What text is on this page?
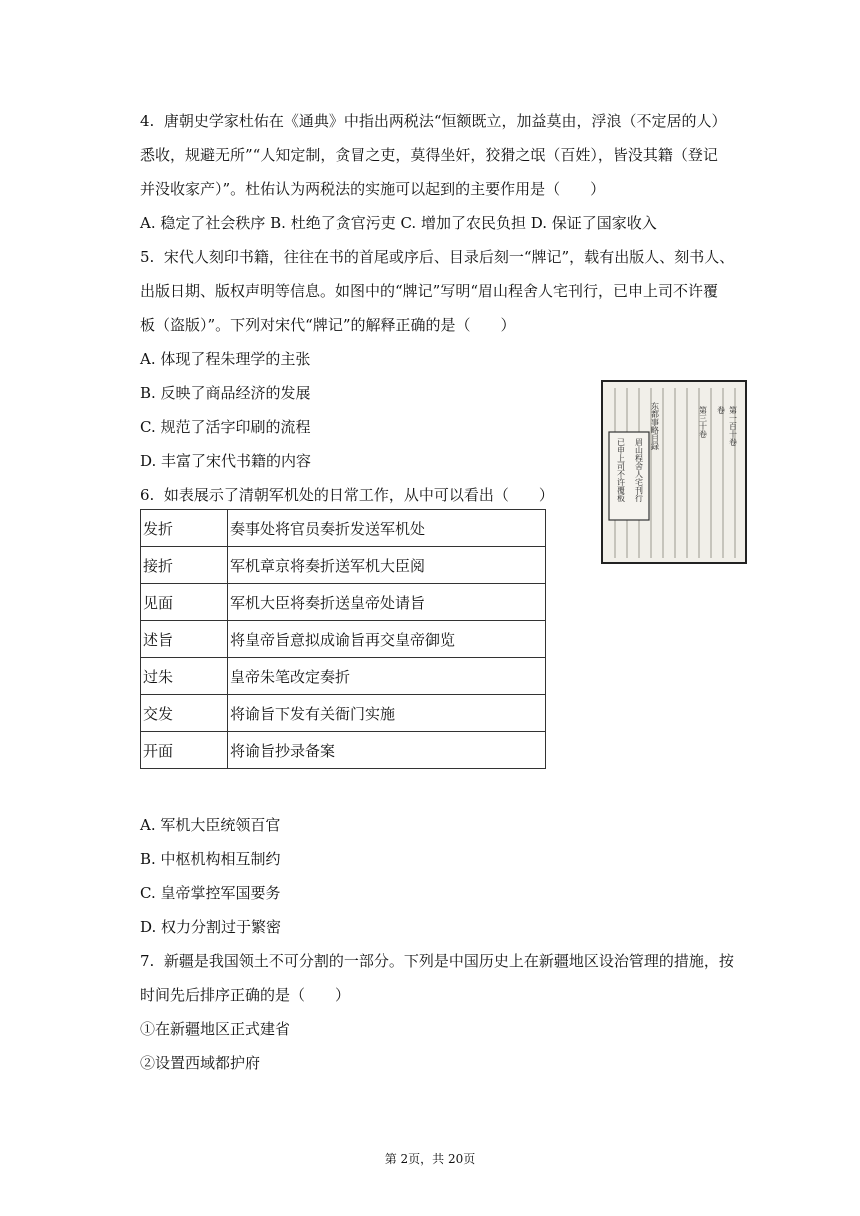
4.  唐朝史学家杜佑在《通典》中指出两税法“恒额既立，加益莫由，浮浪（不定居的人）
悉收，规避无所”“人知定制，贪冒之吏，莫得坐奸，狡猾之氓（百姓），皆没其籍（登记
并没收家产）”。杜佑认为两税法的实施可以起到的主要作用是（　　）
A. 稳定了社会秩序 B. 杜绝了贪官污吏 C. 增加了农民负担 D. 保证了国家收入
5.  宋代人刻印书籍，往往在书的首尾或序后、目录后刻一“牌记”，载有出版人、刻书人、
出版日期、版权声明等信息。如图中的“牌记”写明“眉山程舍人宅刊行，已申上司不许覆
板（盗版）”。下列对宋代“牌记”的解释正确的是（　　）
A. 体现了程朱理学的主张
B. 反映了商品经济的发展
C. 规范了活字印刷的流程
D. 丰富了宋代书籍的内容	眉山程舍人宅刊行
已申上司不许覆板
东都事略目録	第一百十卷
卷
第三十卷
6.  如表展示了清朝军机处的日常工作，从中可以看出（　　）
发折	奏事处将官员奏折发送军机处
接折	军机章京将奏折送军机大臣阅
见面	军机大臣将奏折送皇帝处请旨
述旨	将皇帝旨意拟成谕旨再交皇帝御览
过朱	皇帝朱笔改定奏折
交发	将谕旨下发有关衙门实施
开面	将谕旨抄录备案
A. 军机大臣统领百官
B. 中枢机构相互制约
C. 皇帝掌控军国要务
D. 权力分割过于繁密
7.  新疆是我国领土不可分割的一部分。下列是中国历史上在新疆地区设治管理的措施，按
时间先后排序正确的是（　　）
①在新疆地区正式建省
②设置西域都护府
第 2页，共 20页
